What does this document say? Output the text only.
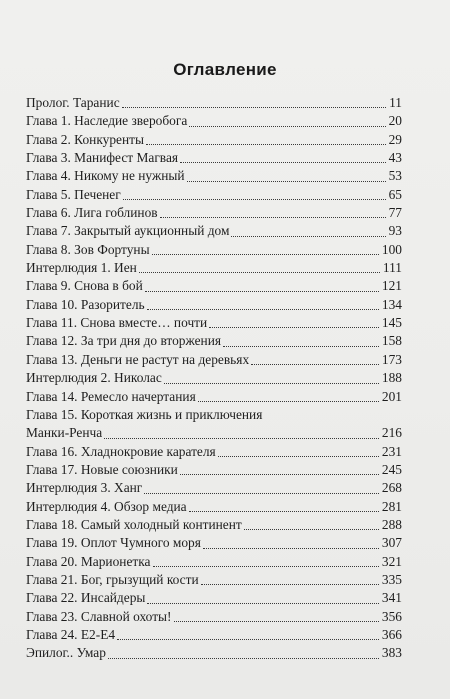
Оглавление
Пролог. Таранис	11
Глава 1. Наследие зверобога	20
Глава 2. Конкуренты	29
Глава 3. Манифест Магвая	43
Глава 4. Никому не нужный	53
Глава 5. Печенег	65
Глава 6. Лига гоблинов	77
Глава 7. Закрытый аукционный дом	93
Глава 8. Зов Фортуны	100
Интерлюдия 1. Иен	111
Глава 9. Снова в бой	121
Глава 10. Разоритель	134
Глава 11. Снова вместе… почти	145
Глава 12. За три дня до вторжения	158
Глава 13. Деньги не растут на деревьях	173
Интерлюдия 2. Николас	188
Глава 14. Ремесло начертания	201
Глава 15. Короткая жизнь и приключения
Манки-Ренча	216
Глава 16. Хладнокровие карателя	231
Глава 17. Новые союзники	245
Интерлюдия 3. Ханг	268
Интерлюдия 4. Обзор медиа	281
Глава 18. Самый холодный континент	288
Глава 19. Оплот Чумного моря	307
Глава 20. Марионетка	321
Глава 21. Бог, грызущий кости	335
Глава 22. Инсайдеры	341
Глава 23. Славной охоты!	356
Глава 24. E2-E4	366
Эпилог.. Умар	383
